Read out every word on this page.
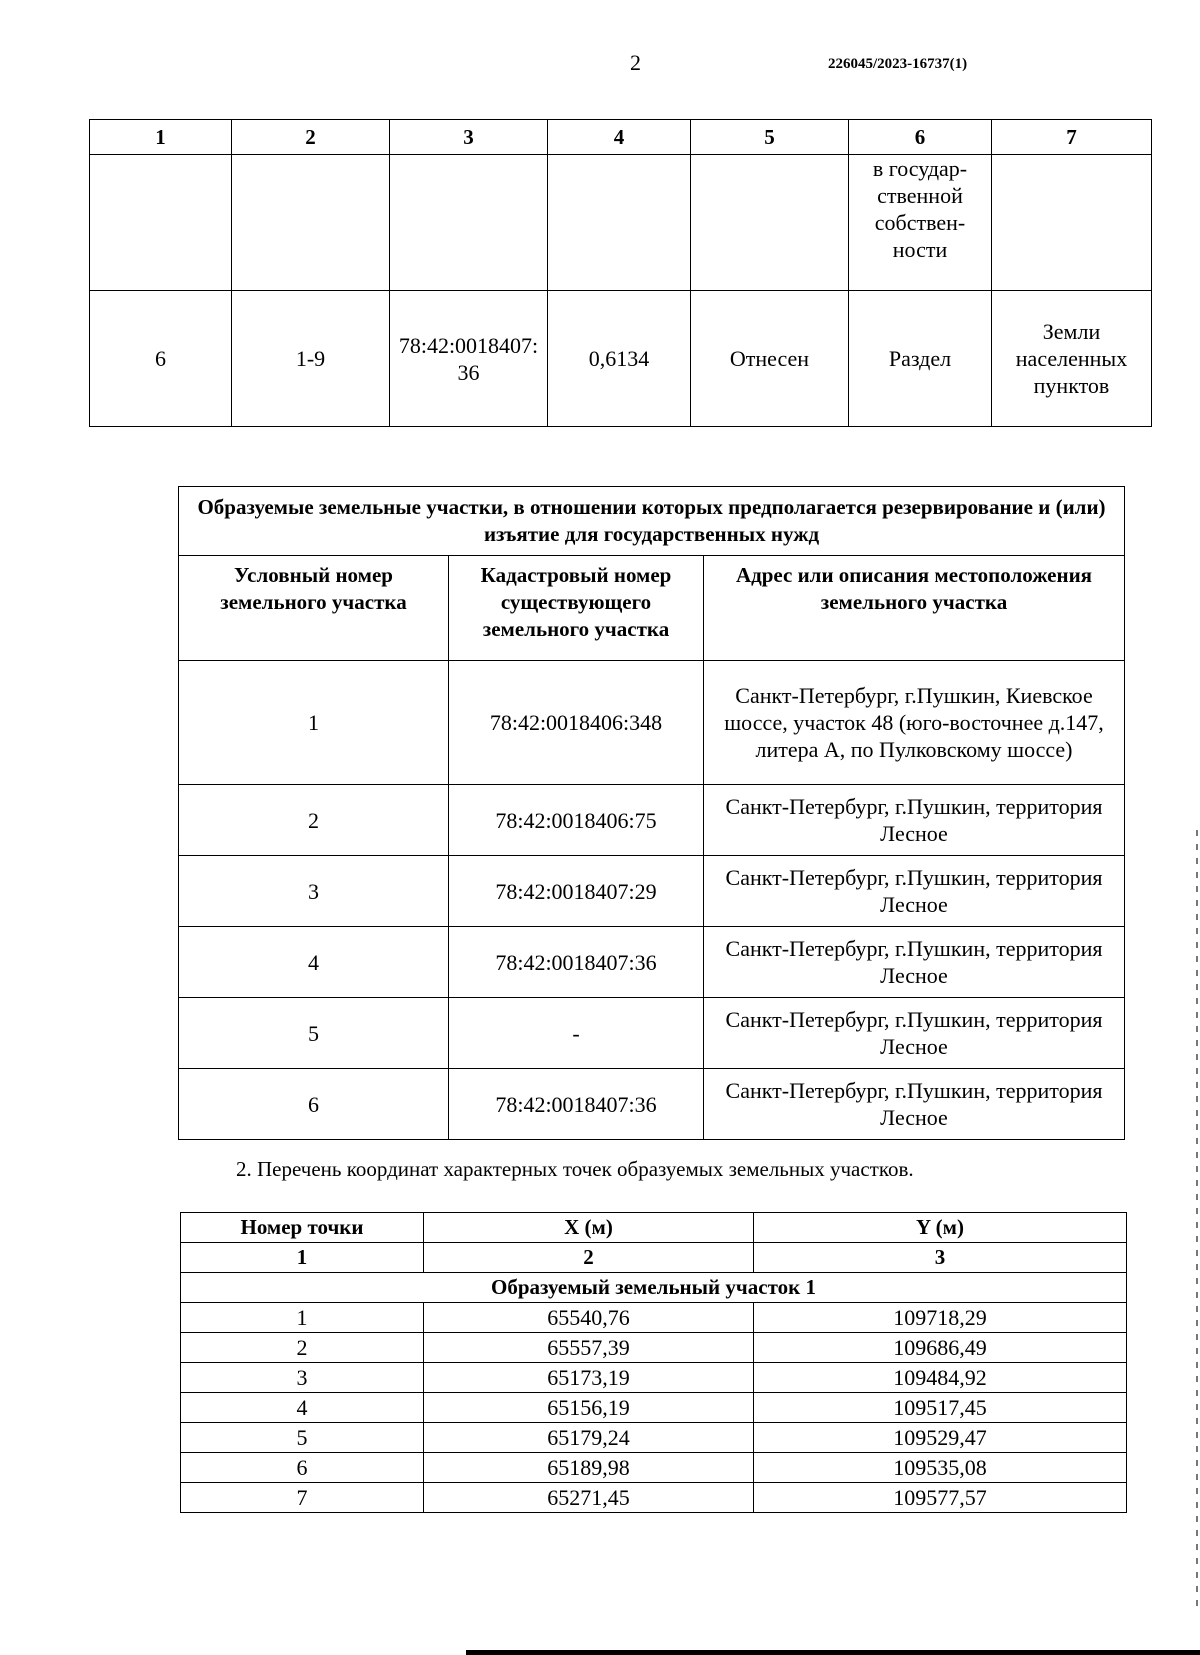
2	226045/2023-16737(1)
1	2	3	4	5	6	7
					в государ-ственной собствен-ности	
6	1-9	78:42:0018407: 36	0,6134	Отнесен	Раздел	Земли населенных пунктов
Образуемые земельные участки, в отношении которых предполагается резервирование и (или) изъятие для государственных нужд		
Условный номер земельного участка	Кадастровый номер существующего земельного участка	Адрес или описания местоположения земельного участка
1	78:42:0018406:348	Санкт-Петербург, г.Пушкин, Киевское шоссе, участок 48 (юго-восточнее д.147, литера А, по Пулковскому шоссе)
2	78:42:0018406:75	Санкт-Петербург, г.Пушкин, территория Лесное
3	78:42:0018407:29	Санкт-Петербург, г.Пушкин, территория Лесное
4	78:42:0018407:36	Санкт-Петербург, г.Пушкин, территория Лесное
5	-	Санкт-Петербург, г.Пушкин, территория Лесное
6	78:42:0018407:36	Санкт-Петербург, г.Пушкин, территория Лесное
2. Перечень координат характерных точек образуемых земельных участков.
Номер точки	X (м)	Y (м)
1	2	3
Образуемый земельный участок 1		
1	65540,76	109718,29
2	65557,39	109686,49
3	65173,19	109484,92
4	65156,19	109517,45
5	65179,24	109529,47
6	65189,98	109535,08
7	65271,45	109577,57
